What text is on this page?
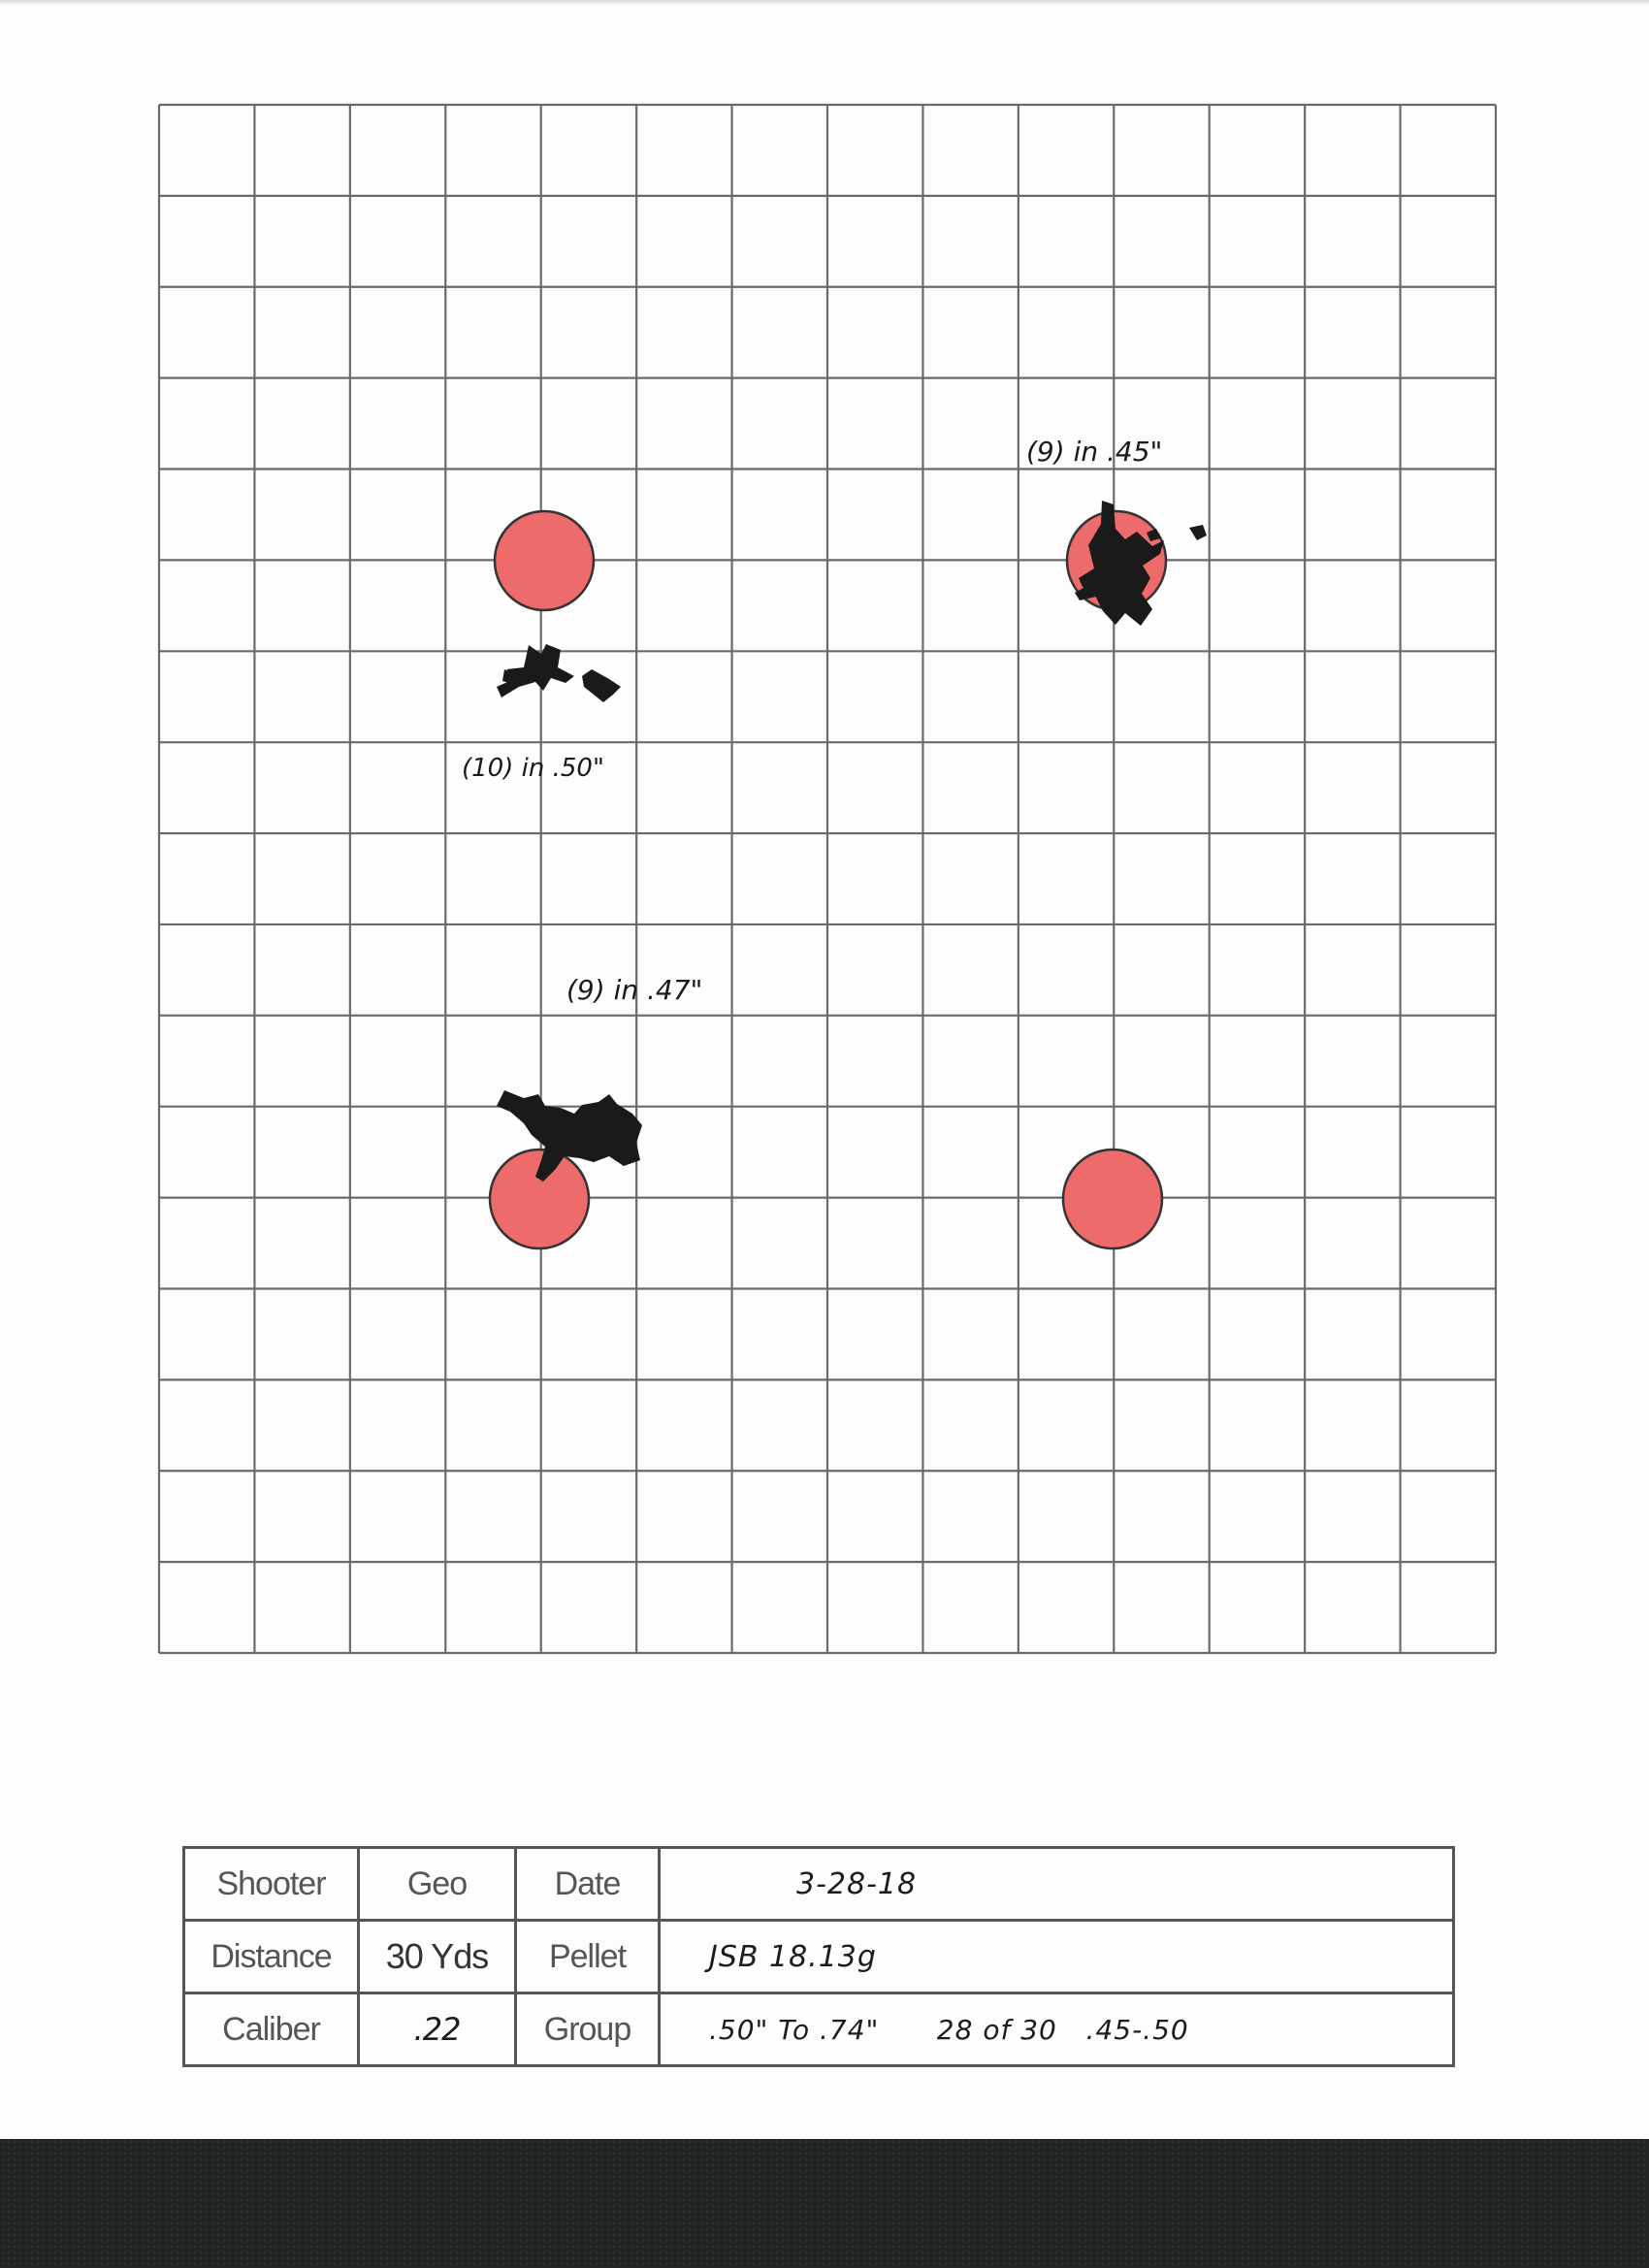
(9) in .45"
(10) in .50"
(9) in .47"
Shooter	Geo	Date	3-28-18
Distance	30 Yds	Pellet	JSB 18.13g
Caliber	.22	Group	.50" To .74"      28 of 30   .45-.50
